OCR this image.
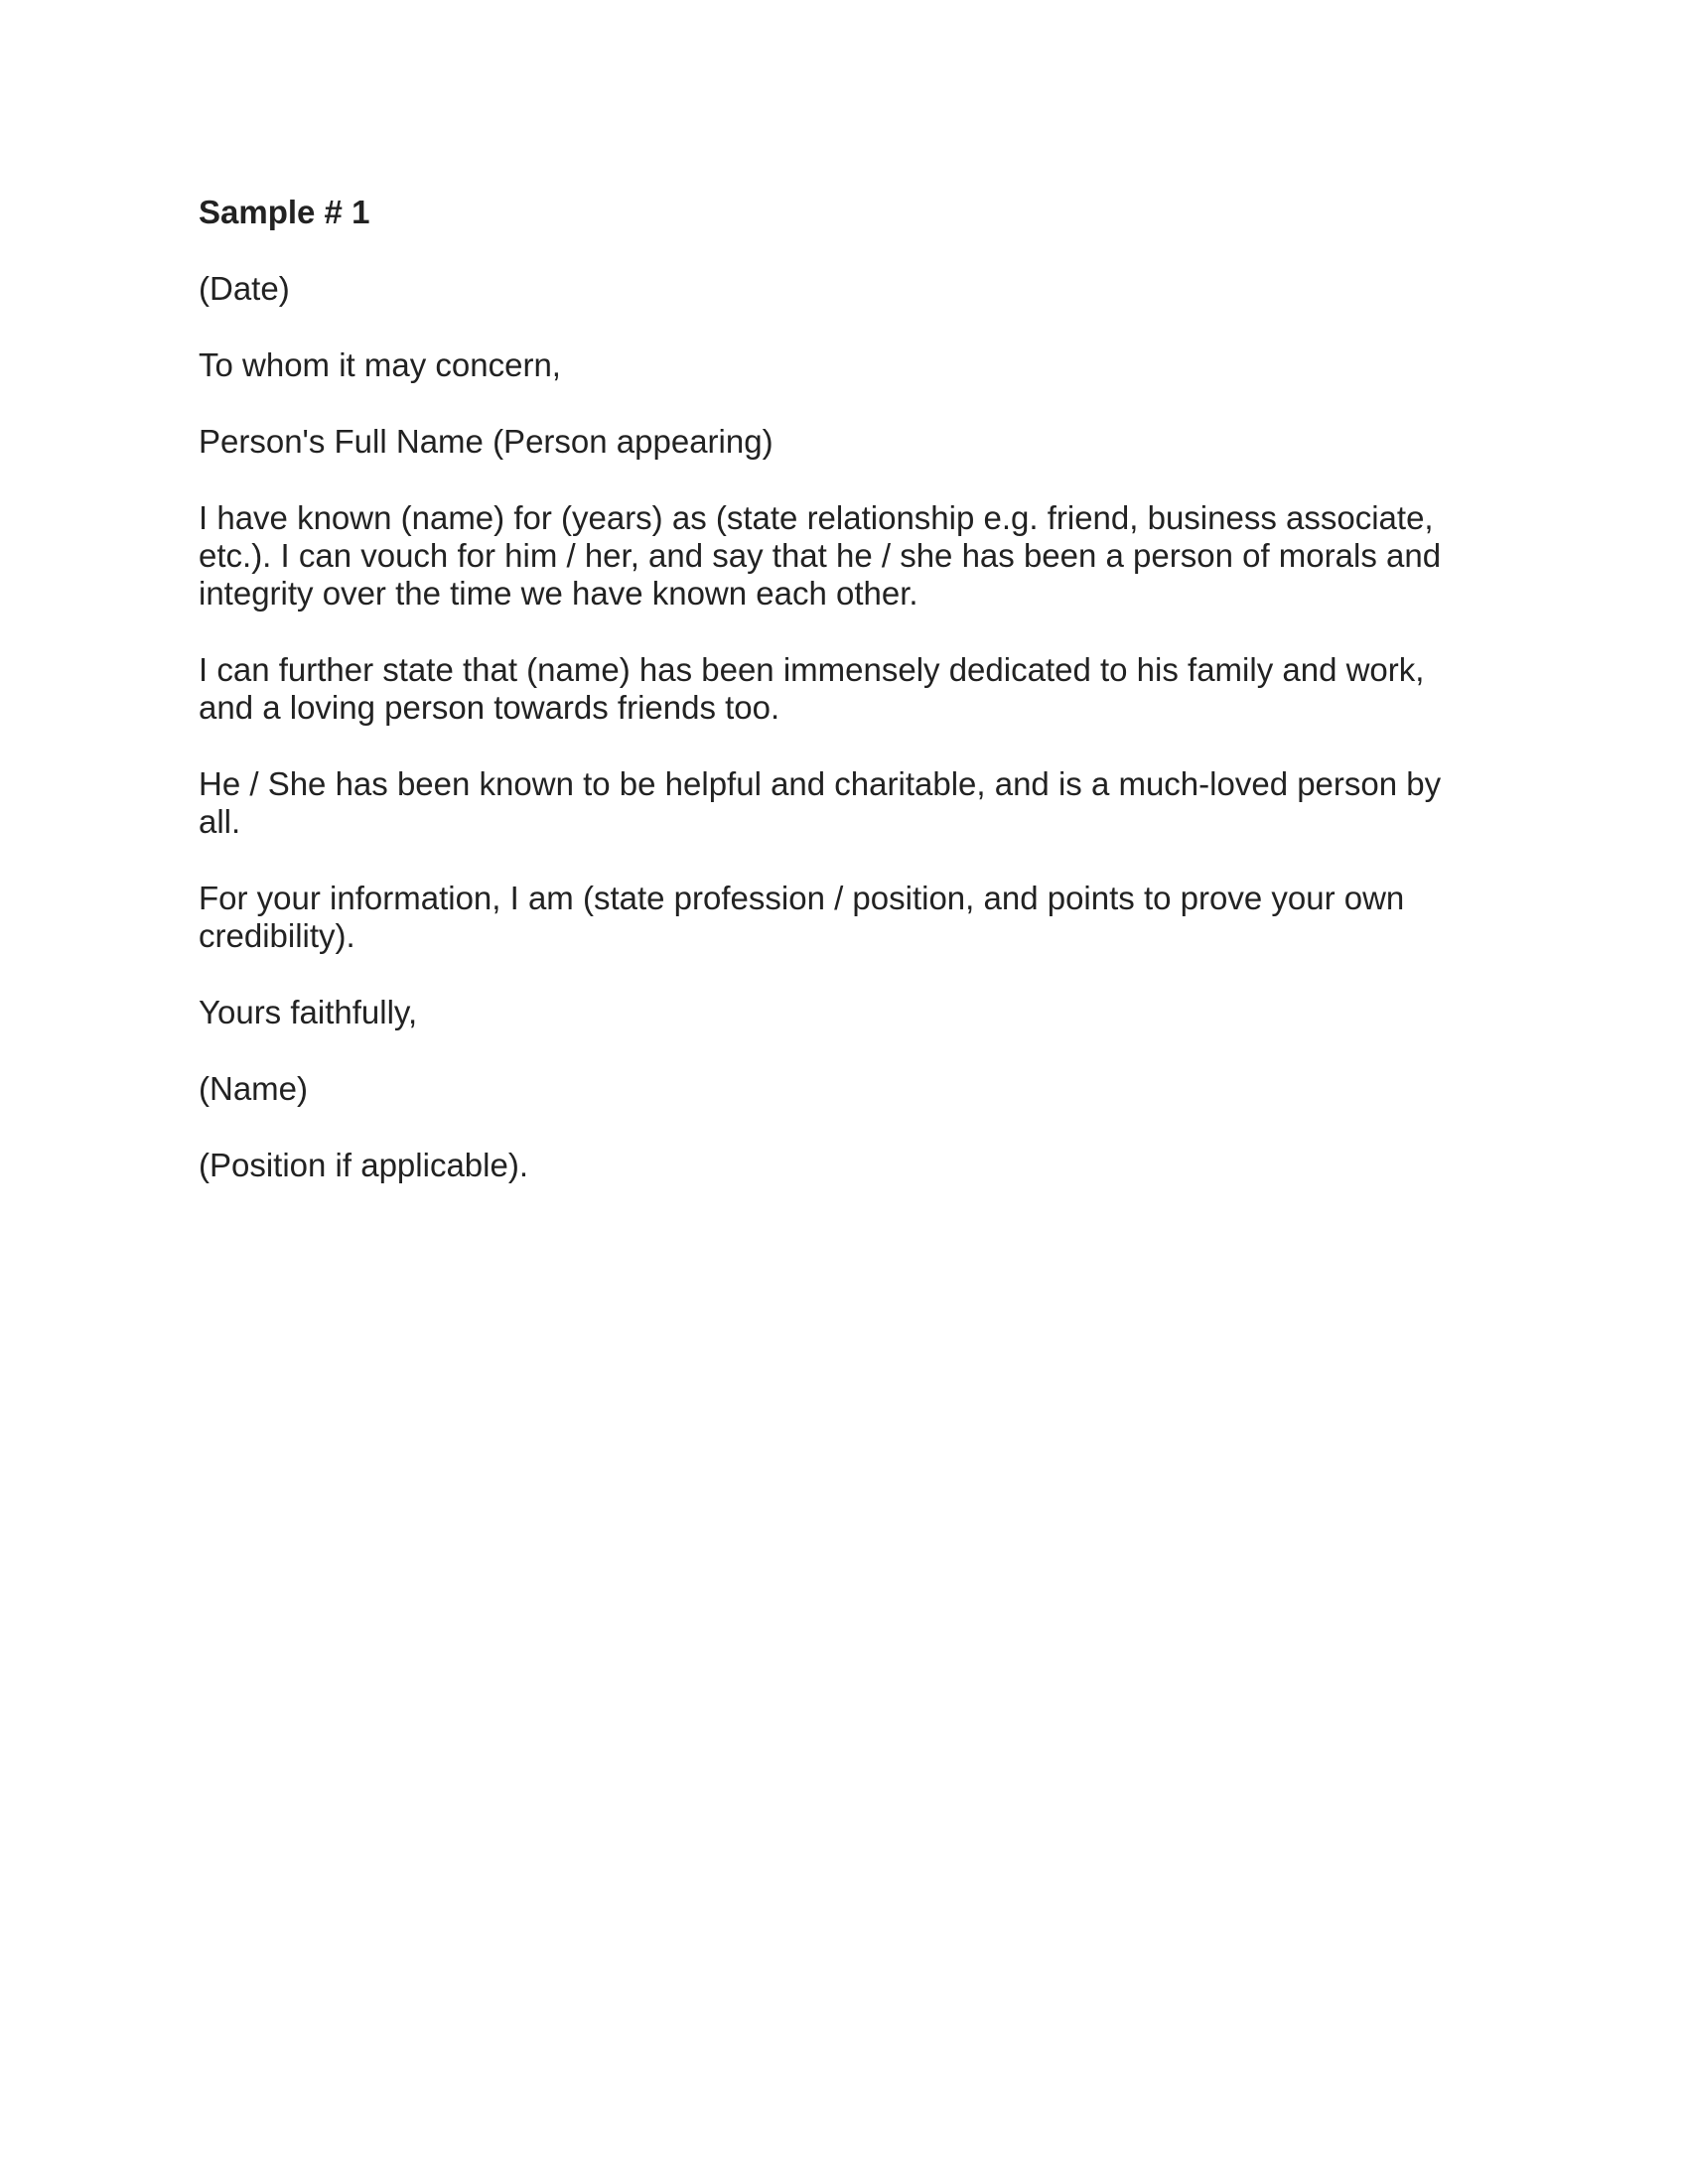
Sample # 1
(Date)
To whom it may concern,
Person's Full Name (Person appearing)
I have known (name) for (years) as (state relationship e.g. friend, business associate,
etc.). I can vouch for him / her, and say that he / she has been a person of morals and
integrity over the time we have known each other.
I can further state that (name) has been immensely dedicated to his family and work,
and a loving person towards friends too.
He / She has been known to be helpful and charitable, and is a much-loved person by
all.
For your information, I am (state profession / position, and points to prove your own
credibility).
Yours faithfully,
(Name)
(Position if applicable).
